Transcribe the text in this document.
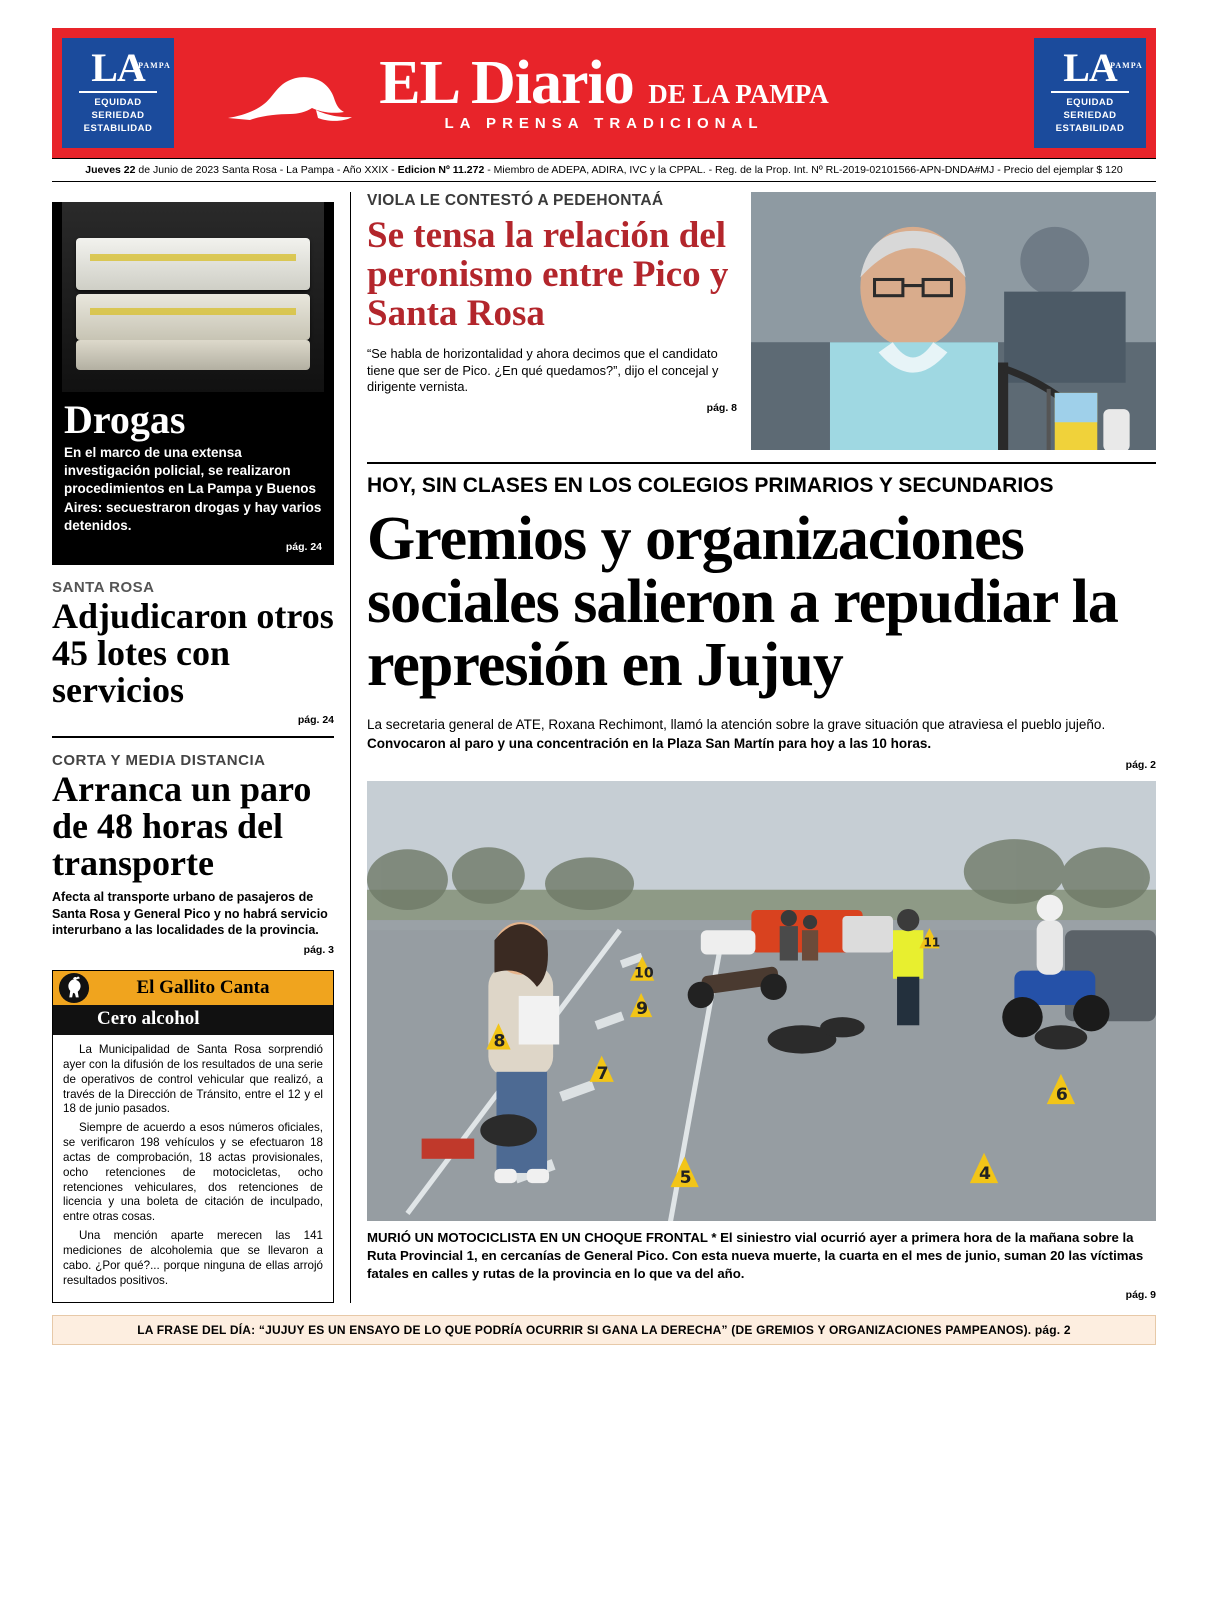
LA
PAMPA
EQUIDAD
SERIEDAD
ESTABILIDAD
EL Diario DE LA PAMPA
LA PRENSA TRADICIONAL
LA
PAMPA
EQUIDAD
SERIEDAD
ESTABILIDAD
Jueves 22 de Junio de 2023 Santa Rosa - La Pampa - Año XXIX - Edicion Nº 11.272 - Miembro de ADEPA, ADIRA, IVC y la CPPAL. - Reg. de la Prop. Int. Nº RL-2019-02101566-APN-DNDA#MJ - Precio del ejemplar $ 120
Drogas
En el marco de una extensa investigación policial, se realizaron procedimientos en La Pampa y Buenos Aires: secuestraron drogas y hay varios detenidos.
pág. 24
SANTA ROSA
Adjudicaron otros 45 lotes con servicios
pág. 24
CORTA Y MEDIA DISTANCIA
Arranca un paro de 48 horas del transporte
Afecta al transporte urbano de pasajeros de Santa Rosa y General Pico y no habrá servicio interurbano a las localidades de la provincia.
pág. 3
El Gallito Canta
Cero alcohol

La Municipalidad de Santa Rosa sorprendió ayer con la difusión de los resultados de una serie de operativos de control vehicular que realizó, a través de la Dirección de Tránsito, entre el 12 y el 18 de junio pasados.

Siempre de acuerdo a esos números oficiales, se verificaron 198 vehículos y se efectuaron 18 actas de comprobación, 18 actas provisionales, ocho retenciones de motocicletas, ocho retenciones vehiculares, dos retenciones de licencia y una boleta de citación de inculpado, entre otras cosas.

Una mención aparte merecen las 141 mediciones de alcoholemia que se llevaron a cabo. ¿Por qué?... porque ninguna de ellas arrojó resultados positivos.

VIOLA LE CONTESTÓ A PEDEHONTAÁ
Se tensa la relación del peronismo entre Pico y Santa Rosa
“Se habla de horizontalidad y ahora decimos que el candidato tiene que ser de Pico. ¿En qué quedamos?”, dijo el concejal y dirigente vernista.
pág. 8
HOY, SIN CLASES EN LOS COLEGIOS PRIMARIOS Y SECUNDARIOS
Gremios y organizaciones sociales salieron a repudiar la represión en Jujuy
La secretaria general de ATE, Roxana Rechimont, llamó la atención sobre la grave situación que atraviesa el pueblo jujeño. Convocaron al paro y una concentración en la Plaza San Martín para hoy a las 10 horas.
pág. 2
5	4
6
7
8
9
10
11
MURIÓ UN MOTOCICLISTA EN UN CHOQUE FRONTAL * El siniestro vial ocurrió ayer a primera hora de la mañana sobre la Ruta Provincial 1, en cercanías de General Pico. Con esta nueva muerte, la cuarta en el mes de junio, suman 20 las víctimas fatales en calles y rutas de la provincia en lo que va del año.
pág. 9
LA FRASE DEL DÍA: “JUJUY ES UN ENSAYO DE LO QUE PODRÍA OCURRIR SI GANA LA DERECHA” (DE GREMIOS Y ORGANIZACIONES PAMPEANOS). pág. 2
